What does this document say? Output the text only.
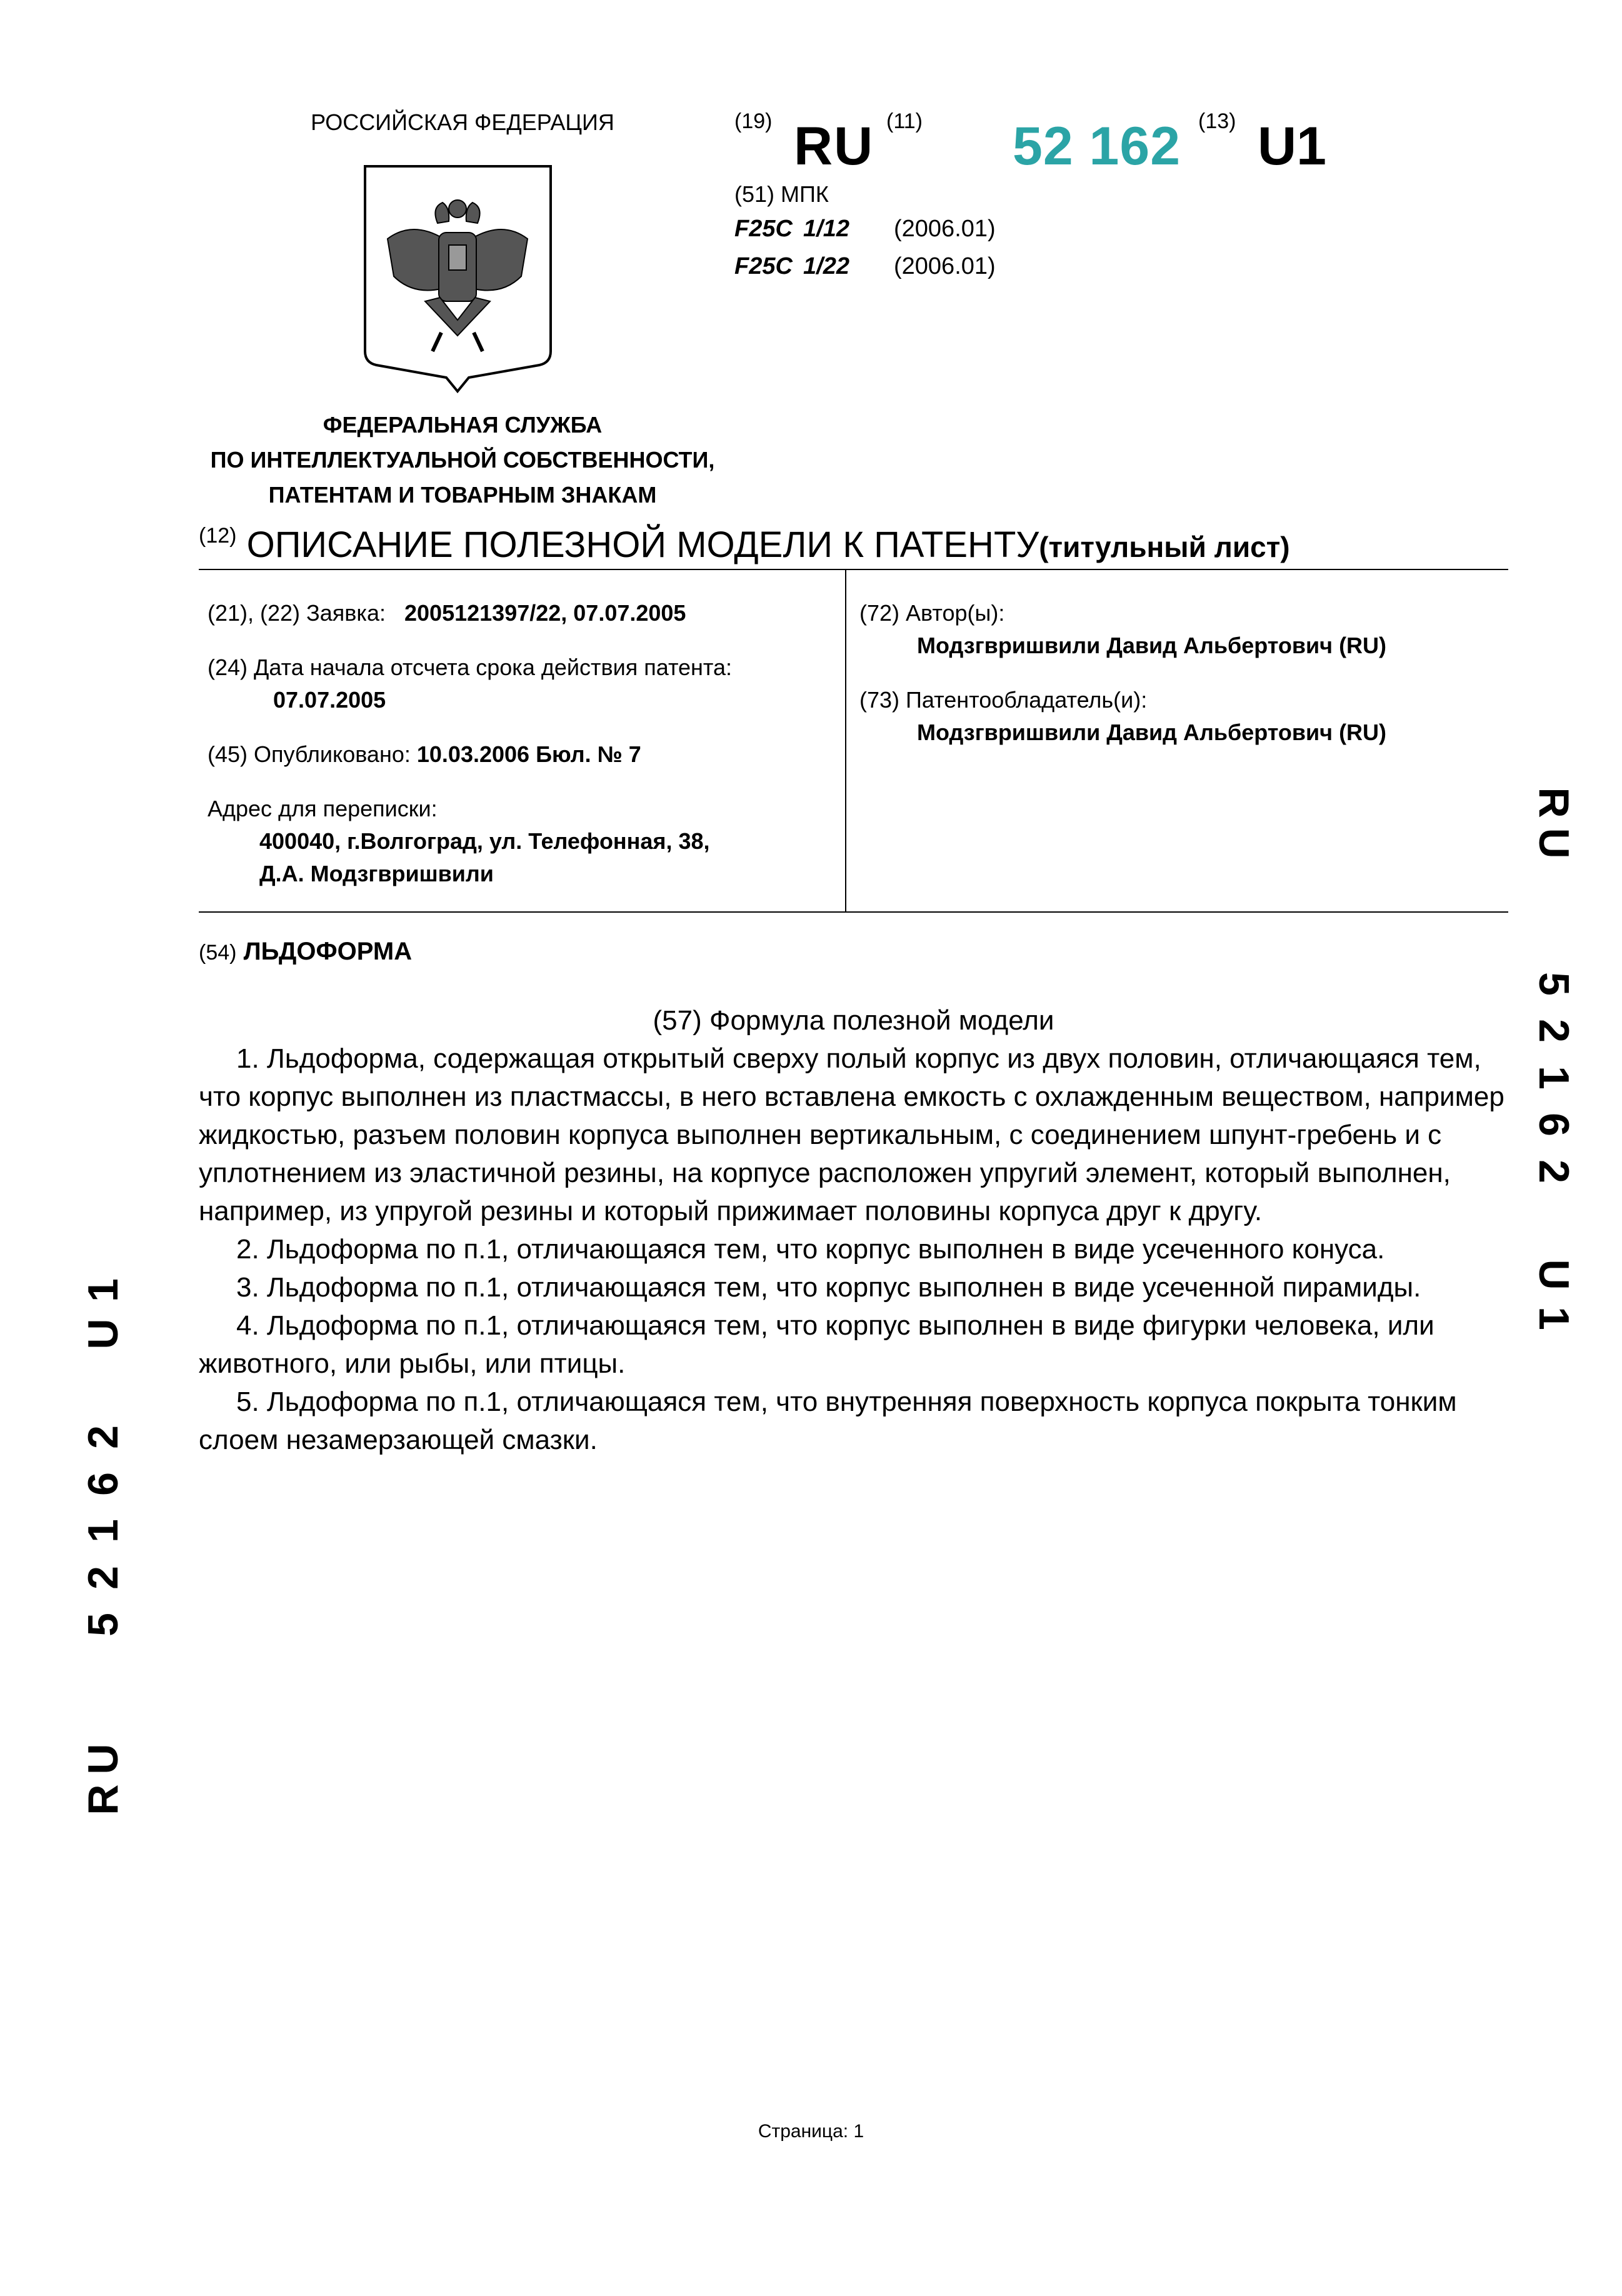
РОССИЙСКАЯ ФЕДЕРАЦИЯ
ФЕДЕРАЛЬНАЯ СЛУЖБА
ПО ИНТЕЛЛЕКТУАЛЬНОЙ СОБСТВЕННОСТИ,
ПАТЕНТАМ И ТОВАРНЫМ ЗНАКАМ
(19) RU (11) 52 162 (13) U1
(51) МПК
F25C 1/12 (2006.01)
F25C 1/22 (2006.01)
$^{(12)}$ ОПИСАНИЕ ПОЛЕЗНОЙ МОДЕЛИ К ПАТЕНТУ(титульный лист)
(21), (22) Заявка: 2005121397/22, 07.07.2005
(24) Дата начала отсчета срока действия патента:
07.07.2005
(45) Опубликовано: 10.03.2006 Бюл. № 7
Адрес для переписки:
400040, г.Волгоград, ул. Телефонная, 38,
Д.А. Модзгвришвили
(72) Автор(ы):
Модзгвришвили Давид Альбертович (RU)
(73) Патентообладатель(и):
Модзгвришвили Давид Альбертович (RU)
R
U
5
2
1
6
2
U
1
R
U
5
2
1
6
2
U
1
(54) ЛЬДОФОРМА
(57) Формула полезной модели

1. Льдоформа, содержащая открытый сверху полый корпус из двух половин, отличающаяся тем, что корпус выполнен из пластмассы, в него вставлена емкость с охлажденным веществом, например жидкостью, разъем половин корпуса выполнен вертикальным, с соединением шпунт-гребень и с уплотнением из эластичной резины, на корпусе расположен упругий элемент, который выполнен, например, из упругой резины и который прижимает половины корпуса друг к другу.

2. Льдоформа по п.1, отличающаяся тем, что корпус выполнен в виде усеченного конуса.

3. Льдоформа по п.1, отличающаяся тем, что корпус выполнен в виде усеченной пирамиды.

4. Льдоформа по п.1, отличающаяся тем, что корпус выполнен в виде фигурки человека, или животного, или рыбы, или птицы.

5. Льдоформа по п.1, отличающаяся тем, что внутренняя поверхность корпуса покрыта тонким слоем незамерзающей смазки.

Страница: 1
